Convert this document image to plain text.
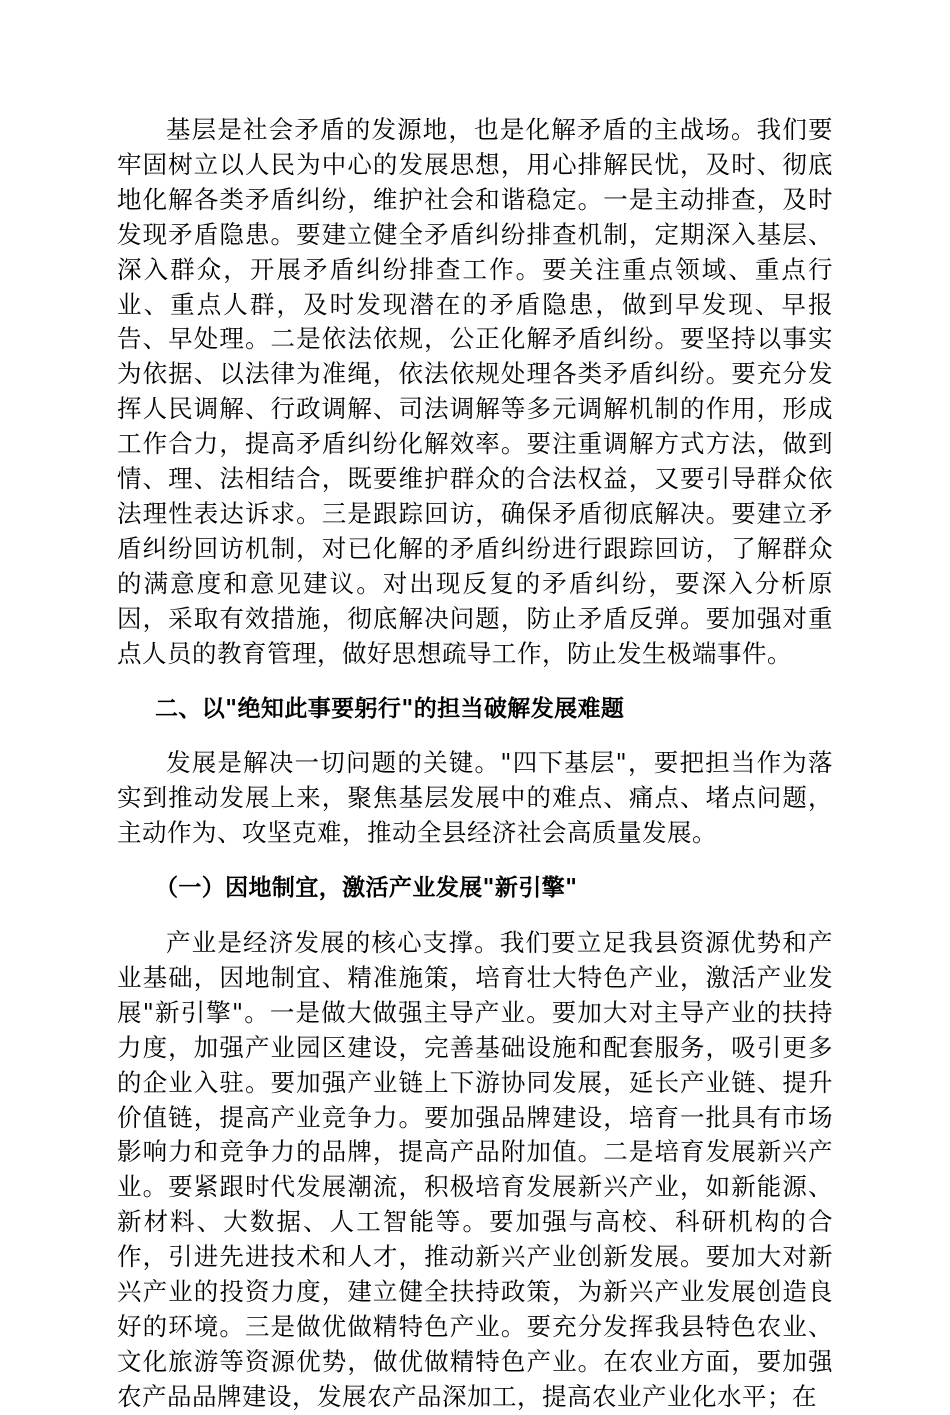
基层是社会矛盾的发源地，也是化解矛盾的主战场。我们要牢固树立以人民为中心的发展思想，用心排解民忧，及时、彻底地化解各类矛盾纠纷，维护社会和谐稳定。一是主动排查，及时发现矛盾隐患。要建立健全矛盾纠纷排查机制，定期深入基层、深入群众，开展矛盾纠纷排查工作。要关注重点领域、重点行业、重点人群，及时发现潜在的矛盾隐患，做到早发现、早报告、早处理。二是依法依规，公正化解矛盾纠纷。要坚持以事实为依据、以法律为准绳，依法依规处理各类矛盾纠纷。要充分发挥人民调解、行政调解、司法调解等多元调解机制的作用，形成工作合力，提高矛盾纠纷化解效率。要注重调解方式方法，做到情、理、法相结合，既要维护群众的合法权益，又要引导群众依法理性表达诉求。三是跟踪回访，确保矛盾彻底解决。要建立矛盾纠纷回访机制，对已化解的矛盾纠纷进行跟踪回访，了解群众的满意度和意见建议。对出现反复的矛盾纠纷，要深入分析原因，采取有效措施，彻底解决问题，防止矛盾反弹。要加强对重点人员的教育管理，做好思想疏导工作，防止发生极端事件。

二、以"绝知此事要躬行"的担当破解发展难题

发展是解决一切问题的关键。"四下基层"，要把担当作为落实到推动发展上来，聚焦基层发展中的难点、痛点、堵点问题，主动作为、攻坚克难，推动全县经济社会高质量发展。

（一）因地制宜，激活产业发展"新引擎"

产业是经济发展的核心支撑。我们要立足我县资源优势和产业基础，因地制宜、精准施策，培育壮大特色产业，激活产业发展"新引擎"。一是做大做强主导产业。要加大对主导产业的扶持力度，加强产业园区建设，完善基础设施和配套服务，吸引更多的企业入驻。要加强产业链上下游协同发展，延长产业链、提升价值链，提高产业竞争力。要加强品牌建设，培育一批具有市场影响力和竞争力的品牌，提高产品附加值。二是培育发展新兴产业。要紧跟时代发展潮流，积极培育发展新兴产业，如新能源、新材料、大数据、人工智能等。要加强与高校、科研机构的合作，引进先进技术和人才，推动新兴产业创新发展。要加大对新兴产业的投资力度，建立健全扶持政策，为新兴产业发展创造良好的环境。三是做优做精特色产业。要充分发挥我县特色农业、文化旅游等资源优势，做优做精特色产业。在农业方面，要加强农产品品牌建设，发展农产品深加工，提高农业产业化水平；在
